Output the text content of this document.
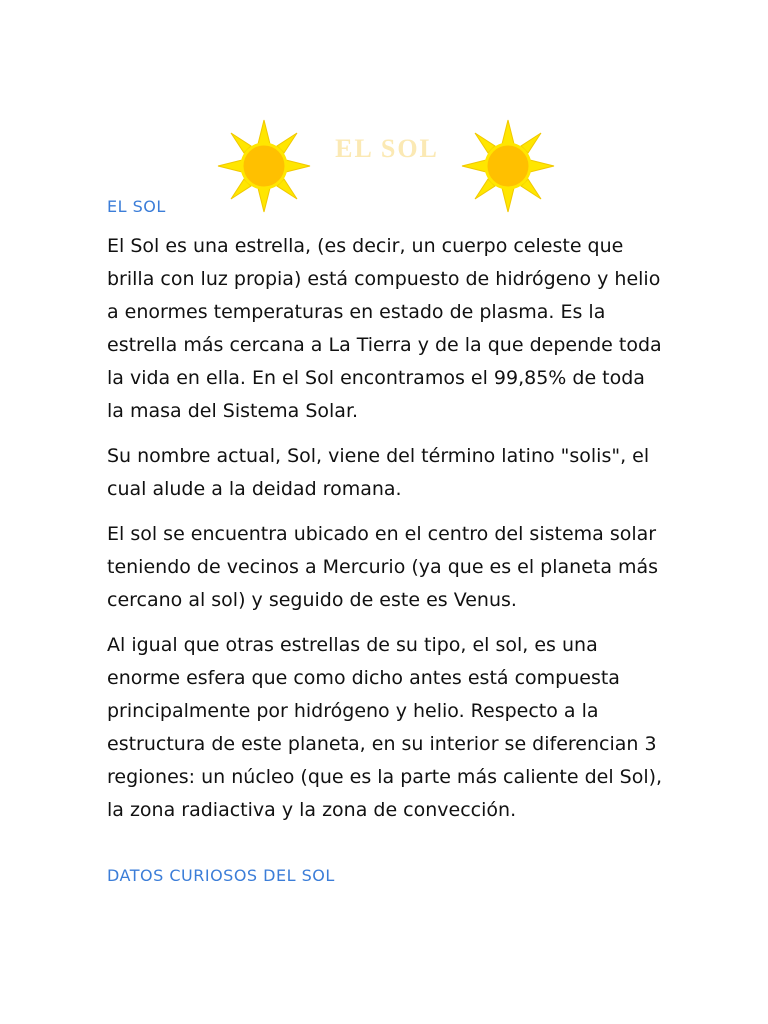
EL SOL
EL SOL

El Sol es una estrella, (es decir, un cuerpo celeste que brilla con luz propia) está compuesto de hidrógeno y helio a enormes temperaturas en estado de plasma. Es la estrella más cercana a La Tierra y de la que depende toda la vida en ella. En el Sol encontramos el 99,85% de toda la masa del Sistema Solar.

Su nombre actual, Sol, viene del término latino "solis", el cual alude a la deidad romana.

El sol se encuentra ubicado en el centro del sistema solar teniendo de vecinos a Mercurio (ya que es el planeta más cercano al sol) y seguido de este es Venus.

Al igual que otras estrellas de su tipo, el sol, es una enorme esfera que como dicho antes está compuesta principalmente por hidrógeno y helio. Respecto a la estructura de este planeta, en su interior se diferencian 3 regiones: un núcleo (que es la parte más caliente del Sol), la zona radiactiva y la zona de convección.

DATOS CURIOSOS DEL SOL
